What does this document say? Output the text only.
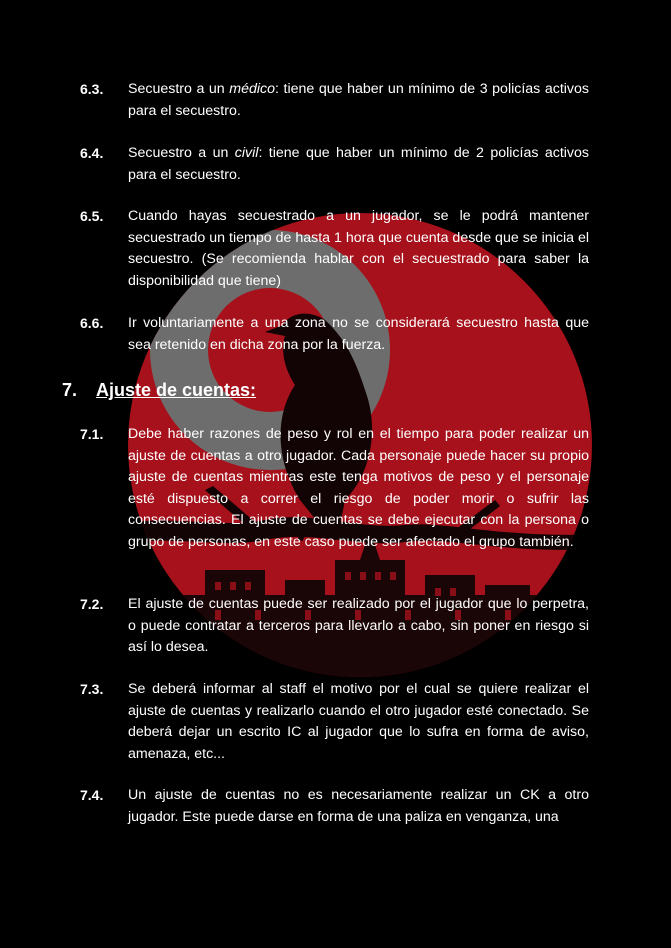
6.3. Secuestro a un médico: tiene que haber un mínimo de 3 policías activos para el secuestro.
6.4. Secuestro a un civil: tiene que haber un mínimo de 2 policías activos para el secuestro.
6.5. Cuando hayas secuestrado a un jugador, se le podrá mantener secuestrado un tiempo de hasta 1 hora que cuenta desde que se inicia el secuestro. (Se recomienda hablar con el secuestrado para saber la disponibilidad que tiene)
6.6. Ir voluntariamente a una zona no se considerará secuestro hasta que sea retenido en dicha zona por la fuerza.
7. Ajuste de cuentas:
7.1. Debe haber razones de peso y rol en el tiempo para poder realizar un ajuste de cuentas a otro jugador. Cada personaje puede hacer su propio ajuste de cuentas mientras este tenga motivos de peso y el personaje esté dispuesto a correr el riesgo de poder morir o sufrir las consecuencias. El ajuste de cuentas se debe ejecutar con la persona o grupo de personas, en este caso puede ser afectado el grupo también.
7.2. El ajuste de cuentas puede ser realizado por el jugador que lo perpetra, o puede contratar a terceros para llevarlo a cabo, sin poner en riesgo si así lo desea.
7.3. Se deberá informar al staff el motivo por el cual se quiere realizar el ajuste de cuentas y realizarlo cuando el otro jugador esté conectado. Se deberá dejar un escrito IC al jugador que lo sufra en forma de aviso, amenaza, etc...
7.4. Un ajuste de cuentas no es necesariamente realizar un CK a otro jugador. Este puede darse en forma de una paliza en venganza, una
